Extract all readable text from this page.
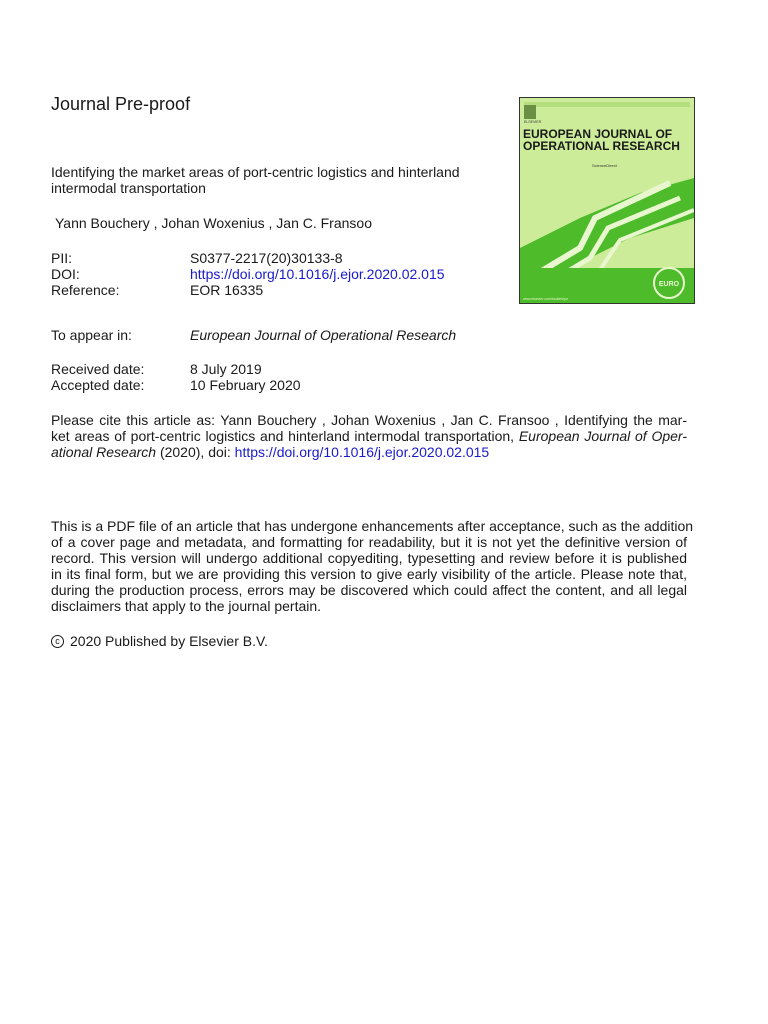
Journal Pre-proof
Identifying the market areas of port-centric logistics and hinterland intermodal transportation
Yann Bouchery , Johan Woxenius , Jan C. Fransoo
PII:	S0377-2217(20)30133-8
DOI:	https://doi.org/10.1016/j.ejor.2020.02.015
Reference:	EOR 16335
To appear in:	European Journal of Operational Research
Received date:	8 July 2019
Accepted date:	10 February 2020
Please cite this article as: Yann Bouchery , Johan Woxenius , Jan C. Fransoo , Identifying the mar-
ket areas of port-centric logistics and hinterland intermodal transportation, European Journal of Oper-
ational Research (2020), doi: https://doi.org/10.1016/j.ejor.2020.02.015
This is a PDF file of an article that has undergone enhancements after acceptance, such as the addition
of a cover page and metadata, and formatting for readability, but it is not yet the definitive version of
record. This version will undergo additional copyediting, typesetting and review before it is published
in its final form, but we are providing this version to give early visibility of the article. Please note that,
during the production process, errors may be discovered which could affect the content, and all legal
disclaimers that apply to the journal pertain.
c 2020 Published by Elsevier B.V.
ELSEVIER
EUROPEAN JOURNAL OF
OPERATIONAL RESEARCH
ScienceDirect
EURO
www.elsevier.com/locate/ejor
